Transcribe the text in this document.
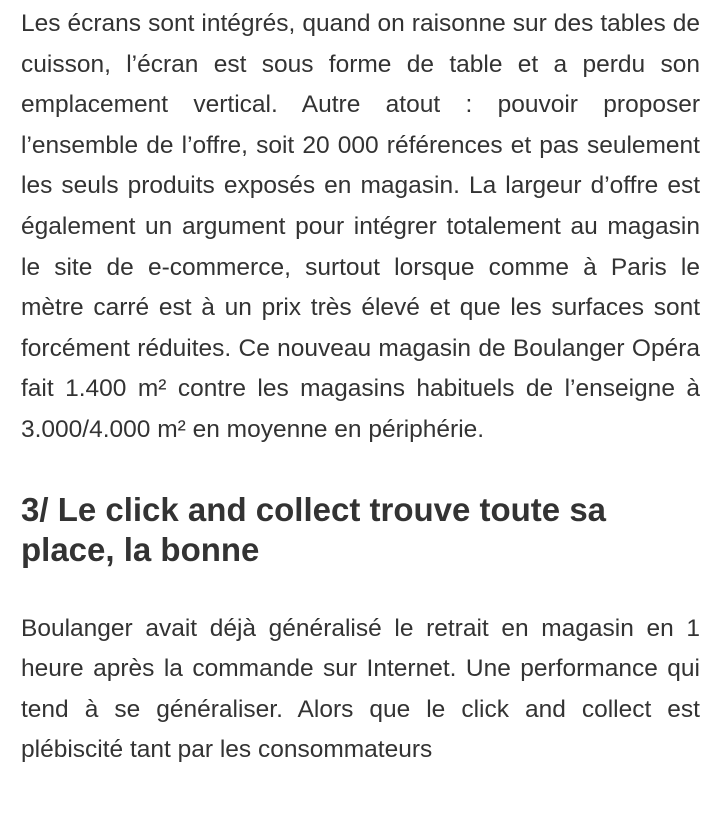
Les écrans sont intégrés, quand on raisonne sur des tables de cuisson, l’écran est sous forme de table et a perdu son emplacement vertical. Autre atout : pouvoir proposer l’ensemble de l’offre, soit 20 000 références et pas seulement les seuls produits exposés en magasin. La largeur d’offre est également un argument pour intégrer totalement au magasin le site de e-commerce, surtout lorsque comme à Paris le mètre carré est à un prix très élevé et que les surfaces sont forcément réduites. Ce nouveau magasin de Boulanger Opéra fait 1.400 m² contre les magasins habituels de l’enseigne à 3.000/4.000 m² en moyenne en périphérie.

3/ Le click and collect trouve toute sa place, la bonne

Boulanger avait déjà généralisé le retrait en magasin en 1 heure après la commande sur Internet. Une performance qui tend à se généraliser. Alors que le click and collect est plébiscité tant par les consommateurs
